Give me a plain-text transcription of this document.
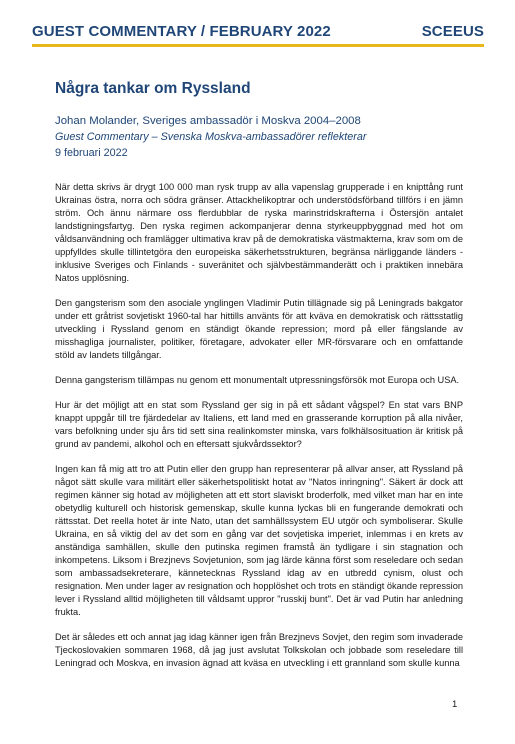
GUEST COMMENTARY / FEBRUARY 2022	SCEEUS
Några tankar om Ryssland
Johan Molander, Sveriges ambassadör i Moskva 2004–2008
Guest Commentary – Svenska Moskva-ambassadörer reflekterar
9 februari 2022

När detta skrivs är drygt 100 000 man rysk trupp av alla vapenslag grupperade i en knipttång runt Ukrainas östra, norra och södra gränser. Attackhelikoptrar och understödsförband tillförs i en jämn ström. Och ännu närmare oss flerdubblar de ryska marinstridskrafterna i Östersjön antalet landstigningsfartyg. Den ryska regimen ackompanjerar denna styrkeuppbyggnad med hot om våldsanvändning och framlägger ultimativa krav på de demokratiska västmakterna, krav som om de uppfylldes skulle tillintetgöra den europeiska säkerhetsstrukturen, begränsa närliggande länders - inklusive Sveriges och Finlands - suveränitet och självbestämmanderätt och i praktiken innebära Natos upplösning.

Den gangsterism som den asociale ynglingen Vladimir Putin tillägnade sig på Leningrads bakgator under ett gråtrist sovjetiskt 1960-tal har hittills använts för att kväva en demokratisk och rättsstatlig utveckling i Ryssland genom en ständigt ökande repression; mord på eller fängslande av misshagliga journalister, politiker, företagare, advokater eller MR-försvarare och en omfattande stöld av landets tillgångar.

Denna gangsterism tillämpas nu genom ett monumentalt utpressningsförsök mot Europa och USA.

Hur är det möjligt att en stat som Ryssland ger sig in på ett sådant vågspel? En stat vars BNP knappt uppgår till tre fjärdedelar av Italiens, ett land med en grasserande korruption på alla nivåer, vars befolkning under sju års tid sett sina realinkomster minska, vars folkhälsosituation är kritisk på grund av pandemi, alkohol och en eftersatt sjukvårdssektor?

Ingen kan få mig att tro att Putin eller den grupp han representerar på allvar anser, att Ryssland på något sätt skulle vara militärt eller säkerhetspolitiskt hotat av "Natos inringning". Säkert är dock att regimen känner sig hotad av möjligheten att ett stort slaviskt broderfolk, med vilket man har en inte obetydlig kulturell och historisk gemenskap, skulle kunna lyckas bli en fungerande demokrati och rättsstat. Det reella hotet är inte Nato, utan det samhällssystem EU utgör och symboliserar. Skulle Ukraina, en så viktig del av det som en gång var det sovjetiska imperiet, inlemmas i en krets av anständiga samhällen, skulle den putinska regimen framstå än tydligare i sin stagnation och inkompetens. Liksom i Brezjnevs Sovjetunion, som jag lärde känna först som reseledare och sedan som ambassadsekreterare, kännetecknas Ryssland idag av en utbredd cynism, olust och resignation. Men under lager av resignation och hopplöshet och trots en ständigt ökande repression lever i Ryssland alltid möjligheten till våldsamt uppror "russkij bunt". Det är vad Putin har anledning frukta.

Det är således ett och annat jag idag känner igen från Brezjnevs Sovjet, den regim som invaderade Tjeckoslovakien sommaren 1968, då jag just avslutat Tolkskolan och jobbade som reseledare till Leningrad och Moskva, en invasion ägnad att kväsa en utveckling i ett grannland som skulle kunna

1
